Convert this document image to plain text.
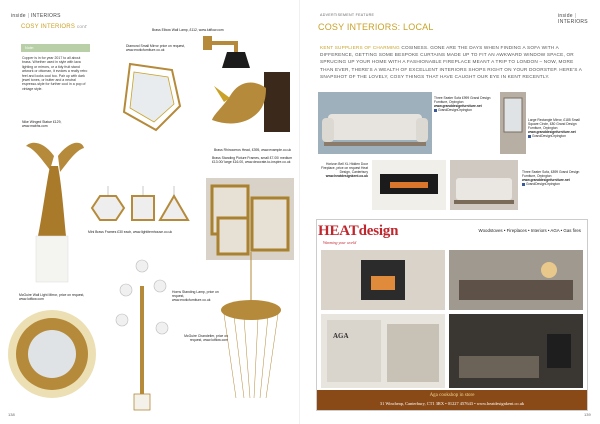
inside | INTERIORS
COSY INTERIORS cont'
Note:
Copper is in for year 2017 to all about brass. Whether used in style with lava lighting or mirrors, or a tidy fruit stand artwork or ottoman, it evokes a really retro feel and looks cool too. Pair up with dark jewel tones, or butter and a neutral espresso-style for further cool in a pop of vintage style.
Brass Elbow Wall Lamp, £112, www.lutflow.com
Diamond Small Mirror price on request, www.exoticfurniture.co.uk
Brass Rhinoceros Head, £395, www.example.co.uk
Nike Winged Statue £129, www.mabhs.com
Mini Brass Frames £30 each, www.lightitemhouse.co.uk
Brass Standing Picture Frames, small £7.00/ medium £13.00/ large £16.00, www.decorate-to-inspire.co.uk
McGuire Wall Light Mirror, price on request, www.lutflow.com
Horns Standing Lamp, price on request, www.exoticfurniture.co.uk
McGuire Chandelier, price on request, www.lutflow.com
138
ADVERTISEMENT FEATURE	inside | INTERIORS
COSY INTERIORS: LOCAL
KENT SUPPLIERS OF CHARMING COSINESS. GONE ARE THE DAYS WHEN FINDING A SOFA WITH A DIFFERENCE, GETTING SOME BESPOKE CURTAINS MADE UP TO FIT AN AWKWARD WINDOW SPACE, OR SPRUCING UP YOUR HOME WITH A FASHIONABLE FIREPLACE MEANT A TRIP TO LONDON – NOW, MORE THAN EVER, THERE'S A WEALTH OF EXCELLENT INTERIORS SHOPS RIGHT ON YOUR DOORSTEP. HERE'S A SNAPSHOT OF THE LOVELY, COSY THINGS THAT HAVE CAUGHT OUR EYE IN KENT RECENTLY.
Three Seater Sofa £999 Grand Design Furniture, Orpington
www.granddesignfurniture.net
GrandDesignOrpington
Large Rectangle Mirror, £185 Small Square Circle, £80 Grand Design Furniture, Orpington
www.granddesignfurniture.net
GrandDesignOrpington
Horizon Bell XL Hidden Door Fireplace, price on request Heat Design, Canterbury
www.heatdesignkent.co.uk
Three Seater Sofa, £899 Grand Design Furniture, Orpington
www.granddesignfurniture.net
GrandDesignOrpington
HEATdesign
Warming your world
Woodstoves • Fireplaces • Interiors • AGA • Gas fires
AGA
Aga cookshop in store
31 Wincheap, Canterbury, CT1 3RX • 01227 457643 • www.heatdesignkent.co.uk
139
